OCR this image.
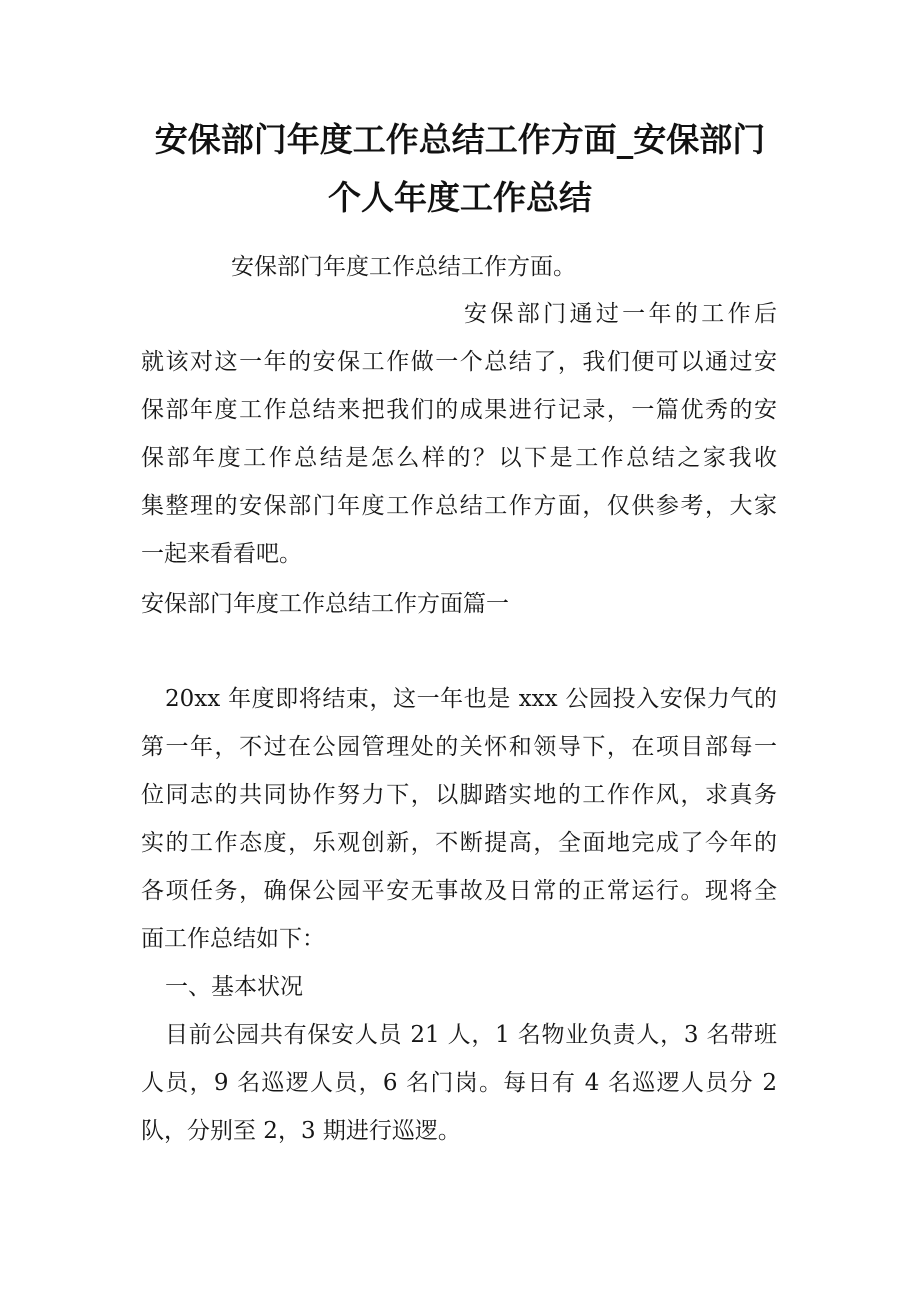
安保部门年度工作总结工作方面_安保部门
个人年度工作总结
安保部门年度工作总结工作方面。
安保部门通过一年的工作后
就该对这一年的安保工作做一个总结了，我们便可以通过安
保部年度工作总结来把我们的成果进行记录，一篇优秀的安
保部年度工作总结是怎么样的？以下是工作总结之家我收
集整理的安保部门年度工作总结工作方面，仅供参考，大家
一起来看看吧。
安保部门年度工作总结工作方面篇一
20xx 年度即将结束，这一年也是 xxx 公园投入安保力气的
第一年，不过在公园管理处的关怀和领导下，在项目部每一
位同志的共同协作努力下，以脚踏实地的工作作风，求真务
实的工作态度，乐观创新，不断提高，全面地完成了今年的
各项任务，确保公园平安无事故及日常的正常运行。现将全
面工作总结如下：
一、基本状况
目前公园共有保安人员 21 人，1 名物业负责人，3 名带班
人员，9 名巡逻人员，6 名门岗。每日有 4 名巡逻人员分 2
队，分别至 2，3 期进行巡逻。
